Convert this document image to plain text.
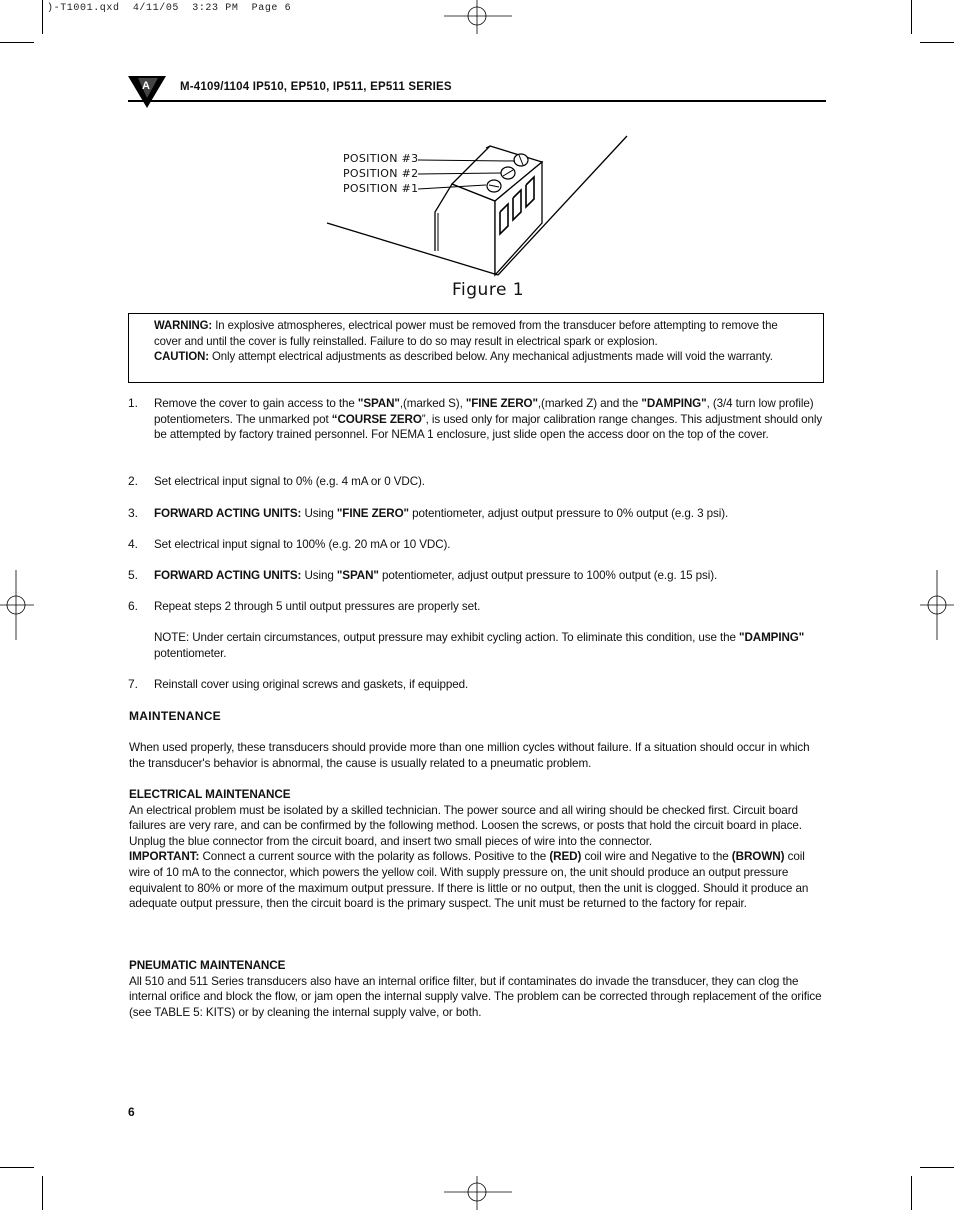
)-T1001.qxd  4/11/05  3:23 PM  Page 6
A	M-4109/1104 IP510, EP510, IP511, EP511 SERIES
POSITION #3
POSITION #2
POSITION #1
Figure 1
WARNING: In explosive atmospheres, electrical power must be removed from the transducer before attempting to remove the cover and until the cover is fully reinstalled. Failure to do so may result in electrical spark or explosion.
CAUTION: Only attempt electrical adjustments as described below. Any mechanical adjustments made will void the warranty.
1. Remove the cover to gain access to the "SPAN",(marked S), "FINE ZERO",(marked Z) and the "DAMPING", (3/4 turn low profile) potentiometers. The unmarked pot “COURSE ZERO”, is used only for major calibration range changes. This adjustment should only be attempted by factory trained personnel. For NEMA 1 enclosure, just slide open the access door on the top of the cover.
2. Set electrical input signal to 0% (e.g. 4 mA or 0 VDC).
3. FORWARD ACTING UNITS: Using "FINE ZERO" potentiometer, adjust output pressure to 0% output (e.g. 3 psi).
4. Set electrical input signal to 100% (e.g. 20 mA or 10 VDC).
5. FORWARD ACTING UNITS: Using "SPAN" potentiometer, adjust output pressure to 100% output (e.g. 15 psi).
6. Repeat steps 2 through 5 until output pressures are properly set.
NOTE: Under certain circumstances, output pressure may exhibit cycling action. To eliminate this condition, use the "DAMPING" potentiometer.
7. Reinstall cover using original screws and gaskets, if equipped.
MAINTENANCE
When used properly, these transducers should provide more than one million cycles without failure. If a situation should occur in which the transducer's behavior is abnormal, the cause is usually related to a pneumatic problem.
ELECTRICAL MAINTENANCE
An electrical problem must be isolated by a skilled technician. The power source and all wiring should be checked first. Circuit board failures are very rare, and can be confirmed by the following method. Loosen the screws, or posts that hold the circuit board in place. Unplug the blue connector from the circuit board, and insert two small pieces of wire into the connector.
IMPORTANT: Connect a current source with the polarity as follows. Positive to the (RED) coil wire and Negative to the (BROWN) coil wire of 10 mA to the connector, which powers the yellow coil. With supply pressure on, the unit should produce an output pressure equivalent to 80% or more of the maximum output pressure. If there is little or no output, then the unit is clogged. Should it produce an adequate output pressure, then the circuit board is the primary suspect. The unit must be returned to the factory for repair.
PNEUMATIC MAINTENANCE
All 510 and 511 Series transducers also have an internal orifice filter, but if contaminates do invade the transducer, they can clog the internal orifice and block the flow, or jam open the internal supply valve. The problem can be corrected through replacement of the orifice (see TABLE 5: KITS) or by cleaning the internal supply valve, or both.
6
